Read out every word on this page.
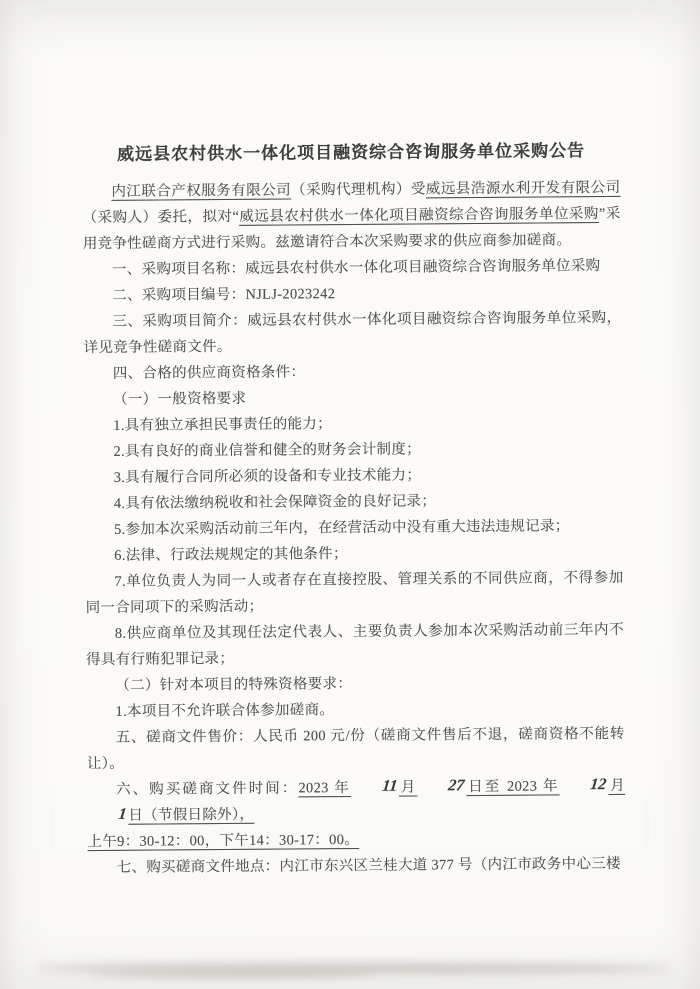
威远县农村供水一体化项目融资综合咨询服务单位采购公告

内江联合产权服务有限公司（采购代理机构）受威远县浩源水利开发有限公司（采购人）委托，拟对“威远县农村供水一体化项目融资综合咨询服务单位采购”采用竞争性磋商方式进行采购。兹邀请符合本次采购要求的供应商参加磋商。

一、采购项目名称：威远县农村供水一体化项目融资综合咨询服务单位采购

二、采购项目编号：NJLJ-2023242

三、采购项目简介：威远县农村供水一体化项目融资综合咨询服务单位采购，详见竞争性磋商文件。

四、合格的供应商资格条件：

（一）一般资格要求

1.具有独立承担民事责任的能力；

2.具有良好的商业信誉和健全的财务会计制度；

3.具有履行合同所必须的设备和专业技术能力；

4.具有依法缴纳税收和社会保障资金的良好记录；

5.参加本次采购活动前三年内，在经营活动中没有重大违法违规记录；

6.法律、行政法规规定的其他条件；

7.单位负责人为同一人或者存在直接控股、管理关系的不同供应商，不得参加同一合同项下的采购活动；

8.供应商单位及其现任法定代表人、主要负责人参加本次采购活动前三年内不得具有行贿犯罪记录；

（二）针对本项目的特殊资格要求：

1.本项目不允许联合体参加磋商。

五、磋商文件售价：人民币 200 元/份（磋商文件售后不退，磋商资格不能转让）。

六、购买磋商文件时间：2023 年 11月 27日至 2023 年 12月1日（节假日除外），
上午9：30-12：00，下午14：30-17：00。

七、购买磋商文件地点：内江市东兴区兰桂大道 377 号（内江市政务中心三楼
